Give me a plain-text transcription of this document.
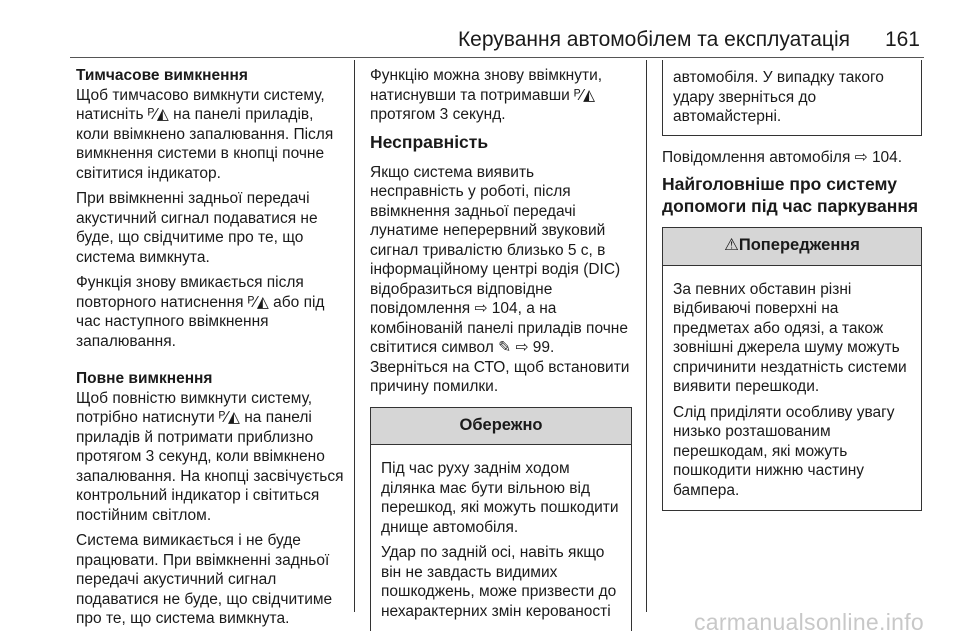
Керування автомобілем та експлуатація 161
Тимчасове вимкнення

Щоб тимчасово вимкнути систему, натисніть ᴾ⁄◭ на панелі приладів, коли ввімкнено запалювання. Після вимкнення системи в кнопці почне світитися індикатор.

При ввімкненні задньої передачі акустичний сигнал подаватися не буде, що свідчитиме про те, що система вимкнута.

Функція знову вмикається після повторного натиснення ᴾ⁄◭ або під час наступного ввімкнення запалювання.

Повне вимкнення

Щоб повністю вимкнути систему, потрібно натиснути ᴾ⁄◭ на панелі приладів й потримати приблизно протягом 3 секунд, коли ввімкнено запалювання. На кнопці засвічується контрольний індикатор і світиться постійним світлом.

Система вимикається і не буде працювати. При ввімкненні задньої передачі акустичний сигнал подаватися не буде, що свідчитиме про те, що система вимкнута.

Функцію можна знову ввімкнути, натиснувши та потримавши ᴾ⁄◭ протягом 3 секунд.

Несправність

Якщо система виявить несправність у роботі, після ввімкнення задньої передачі лунатиме неперервний звуковий сигнал тривалістю близько 5 с, в інформаційному центрі водія (DIC) відобразиться відповідне повідомлення ⇨ 104, а на комбінованій панелі приладів почне світитися символ ✎ ⇨ 99. Зверніться на СТО, щоб встановити причину помилки.

Обережно

Під час руху заднім ходом ділянка має бути вільною від перешкод, які можуть пошкодити днище автомобіля.

Удар по задній осі, навіть якщо він не завдасть видимих пошкоджень, може призвести до нехарактерних змін керованості

автомобіля. У випадку такого удару зверніться до автомайстерні.

Повідомлення автомобіля ⇨ 104.

Найголовніше про систему допомоги під час паркування
⚠Попередження

За певних обставин різні відбиваючі поверхні на предметах або одязі, а також зовнішні джерела шуму можуть спричинити нездатність системи виявити перешкоди.

Слід приділяти особливу увагу низько розташованим перешкодам, які можуть пошкодити нижню частину бампера.

carmanualsonline.info
